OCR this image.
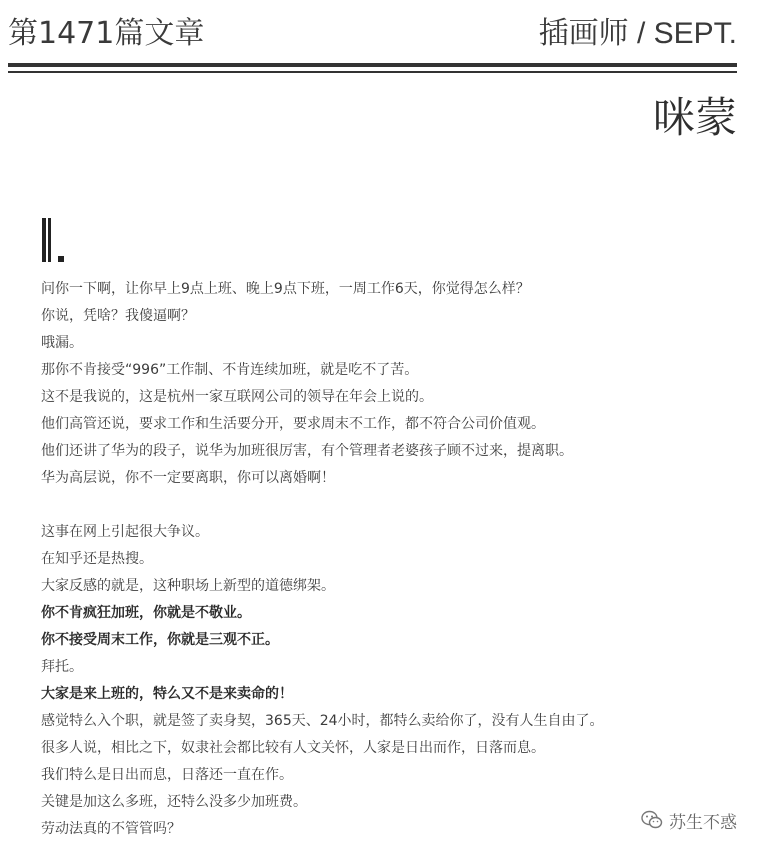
第1471篇文章	插画师 / SEPT.
咪蒙
问你一下啊，让你早上9点上班、晚上9点下班，一周工作6天，你觉得怎么样？
你说，凭啥？我傻逼啊？
哦漏。
那你不肯接受“996”工作制、不肯连续加班，就是吃不了苦。
这不是我说的，这是杭州一家互联网公司的领导在年会上说的。
他们高管还说，要求工作和生活要分开，要求周末不工作，都不符合公司价值观。
他们还讲了华为的段子，说华为加班很厉害，有个管理者老婆孩子顾不过来，提离职。
华为高层说，你不一定要离职，你可以离婚啊！
这事在网上引起很大争议。
在知乎还是热搜。
大家反感的就是，这种职场上新型的道德绑架。
你不肯疯狂加班，你就是不敬业。
你不接受周末工作，你就是三观不正。
拜托。
大家是来上班的，特么又不是来卖命的！
感觉特么入个职，就是签了卖身契，365天、24小时，都特么卖给你了，没有人生自由了。
很多人说，相比之下，奴隶社会都比较有人文关怀，人家是日出而作，日落而息。
我们特么是日出而息，日落还一直在作。
关键是加这么多班，还特么没多少加班费。
劳动法真的不管管吗？	苏生不惑
